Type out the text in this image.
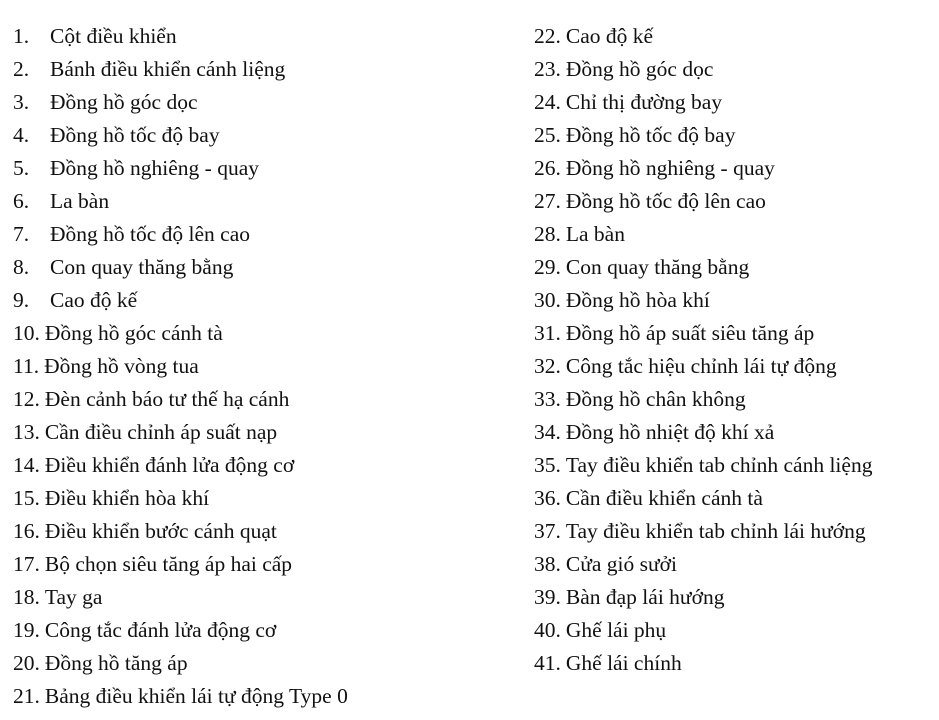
1. Cột điều khiển
2. Bánh điều khiển cánh liệng
3. Đồng hồ góc dọc
4. Đồng hồ tốc độ bay
5. Đồng hồ nghiêng - quay
6. La bàn
7. Đồng hồ tốc độ lên cao
8. Con quay thăng bằng
9. Cao độ kế
10. Đồng hồ góc cánh tà
11. Đồng hồ vòng tua
12. Đèn cảnh báo tư thế hạ cánh
13. Cần điều chỉnh áp suất nạp
14. Điều khiển đánh lửa động cơ
15. Điều khiển hòa khí
16. Điều khiển bước cánh quạt
17. Bộ chọn siêu tăng áp hai cấp
18. Tay ga
19. Công tắc đánh lửa động cơ
20. Đồng hồ tăng áp
21. Bảng điều khiển lái tự động Type 0
22. Cao độ kế
23. Đồng hồ góc dọc
24. Chỉ thị đường bay
25. Đồng hồ tốc độ bay
26. Đồng hồ nghiêng - quay
27. Đồng hồ tốc độ lên cao
28. La bàn
29. Con quay thăng bằng
30. Đồng hồ hòa khí
31. Đồng hồ áp suất siêu tăng áp
32. Công tắc hiệu chỉnh lái tự động
33. Đồng hồ chân không
34. Đồng hồ nhiệt độ khí xả
35. Tay điều khiển tab chỉnh cánh liệng
36. Cần điều khiển cánh tà
37. Tay điều khiển tab chỉnh lái hướng
38. Cửa gió sưởi
39. Bàn đạp lái hướng
40. Ghế lái phụ
41. Ghế lái chính
